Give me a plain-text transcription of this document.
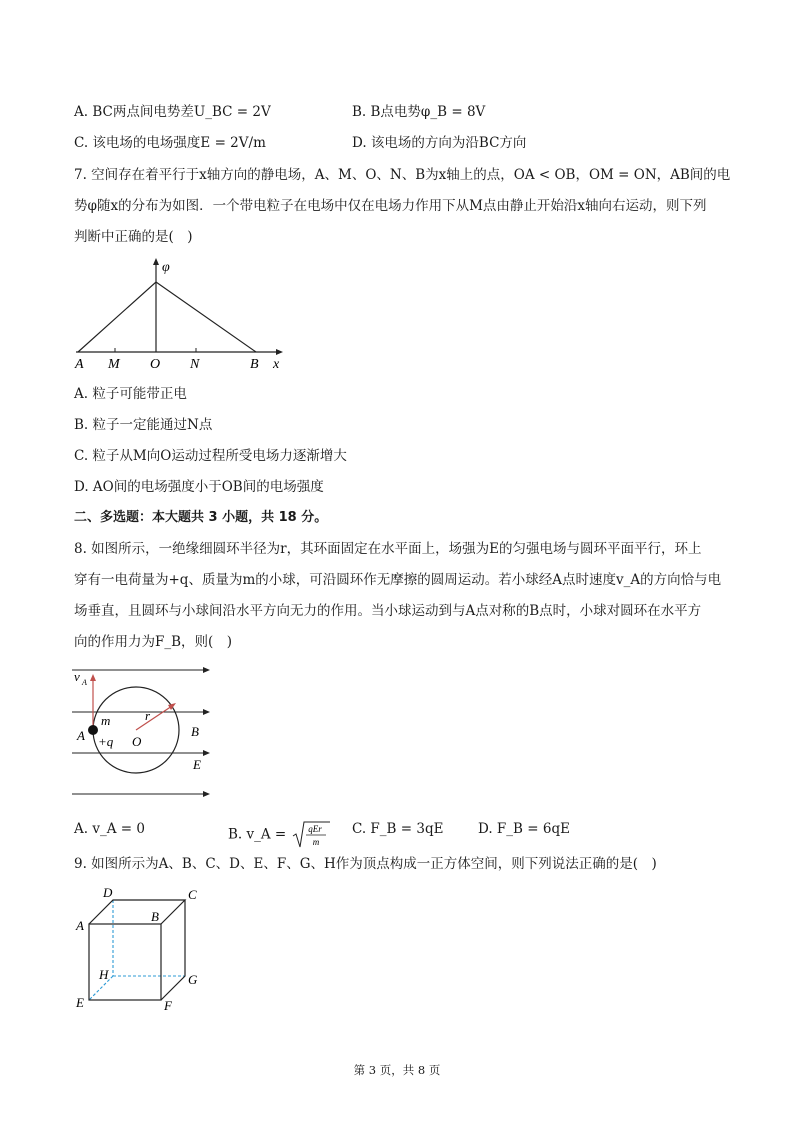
A. BC两点间电势差U_BC = 2V	B. B点电势φ_B = 8V
C. 该电场的电场强度E = 2V/m	D. 该电场的方向为沿BC方向
7. 空间存在着平行于x轴方向的静电场，A、M、O、N、B为x轴上的点，OA < OB，OM = ON，AB间的电
势φ随x的分布为如图．一个带电粒子在电场中仅在电场力作用下从M点由静止开始沿x轴向右运动，则下列
判断中正确的是(　)
φ
x
A M O N	B
A. 粒子可能带正电
B. 粒子一定能通过N点
C. 粒子从M向O运动过程所受电场力逐渐增大
D. AO间的电场强度小于OB间的电场强度
二、多选题：本大题共 3 小题，共 18 分。
8. 如图所示，一绝缘细圆环半径为r，其环面固定在水平面上，场强为E的匀强电场与圆环平面平行，环上
穿有一电荷量为+q、质量为m的小球，可沿圆环作无摩擦的圆周运动。若小球经A点时速度v_A的方向恰与电
场垂直，且圆环与小球间沿水平方向无力的作用。当小球运动到与A点对称的B点时，小球对圆环在水平方
向的作用力为F_B，则(　)
v A
m	r
A +q O
B
E
A. v_A = 0	B. v_A = qEr
m
C. F_B = 3qE	D. F_B = 6qE
9. 如图所示为A、B、C、D、E、F、G、H作为顶点构成一正方体空间，则下列说法正确的是(　)
D	C
B
A
H	G
E	F
第 3 页，共 8 页
